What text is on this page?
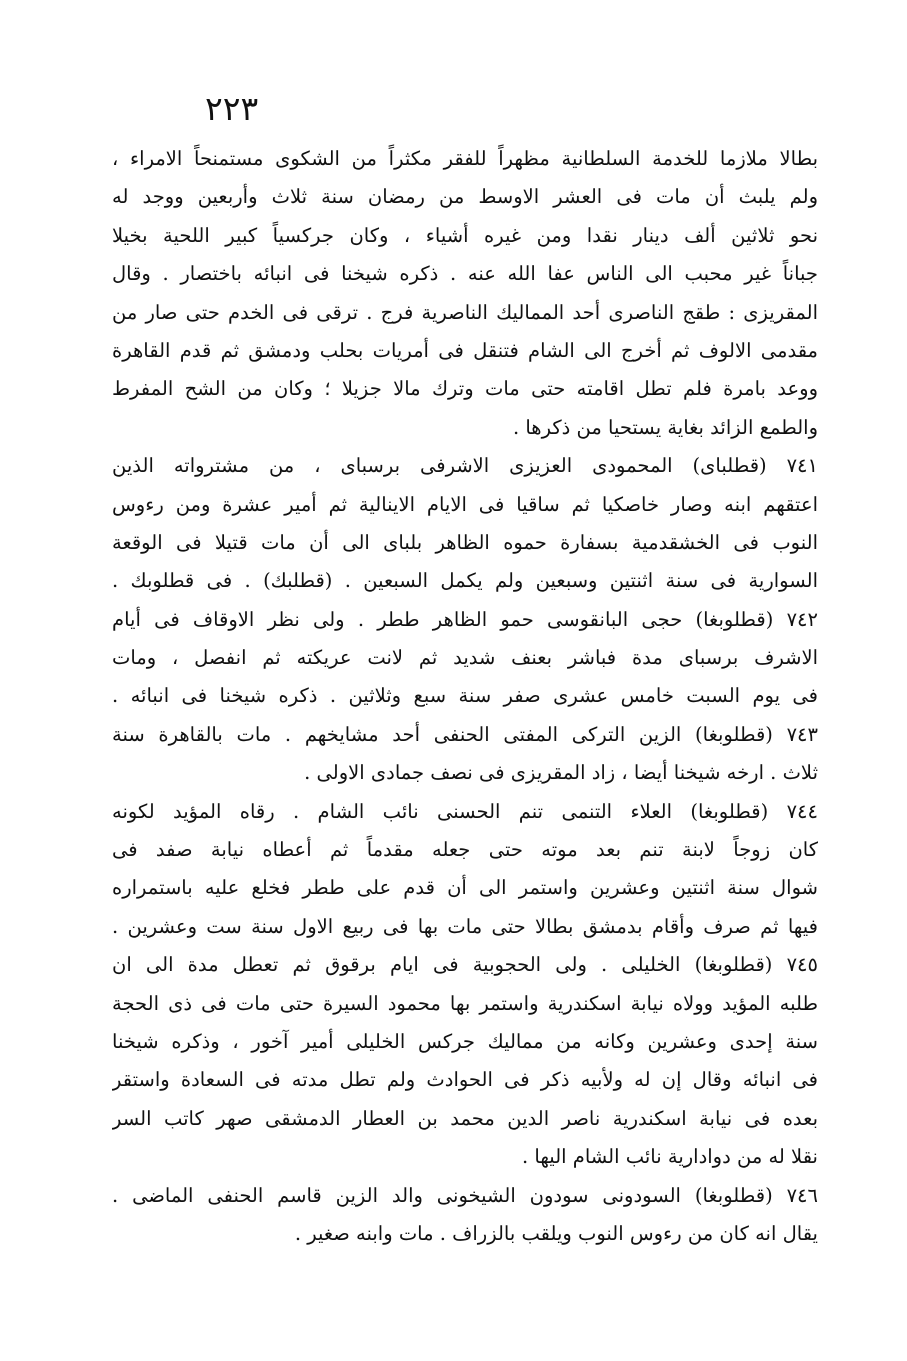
٢٢٣
بطالا ملازما للخدمة السلطانية مظهراً للفقر مكثراً من الشكوى مستمنحاً الامراء ،
ولم يلبث أن مات فى العشر الاوسط من رمضان سنة ثلاث وأربعين ووجد له
نحو ثلاثين ألف دينار نقدا ومن غيره أشياء ، وكان جركسياً كبير اللحية بخيلا
جباناً غير محبب الى الناس عفا الله عنه . ذكره شيخنا فى انبائه باختصار . وقال
المقريزى : طقج الناصرى أحد المماليك الناصرية فرج . ترقى فى الخدم حتى صار من
مقدمى الالوف ثم أخرج الى الشام فتنقل فى أمريات بحلب ودمشق ثم قدم القاهرة
ووعد بامرة فلم تطل اقامته حتى مات وترك مالا جزيلا ؛ وكان من الشح المفرط
والطمع الزائد بغاية يستحيا من ذكرها .
٧٤١ (قطلباى) المحمودى العزيزى الاشرفى برسباى ، من مشترواته الذين
اعتقهم ابنه وصار خاصكيا ثم ساقيا فى الايام الاينالية ثم أمير عشرة ومن رءوس
النوب فى الخشقدمية بسفارة حموه الظاهر بلباى الى أن مات قتيلا فى الوقعة
السوارية فى سنة اثنتين وسبعين ولم يكمل السبعين . (قطلبك) . فى قطلوبك .
٧٤٢ (قطلوبغا) حجى البانقوسى حمو الظاهر ططر . ولى نظر الاوقاف فى أيام
الاشرف برسباى مدة فباشر بعنف شديد ثم لانت عريكته ثم انفصل ، ومات
فى يوم السبت خامس عشرى صفر سنة سبع وثلاثين . ذكره شيخنا فى انبائه .
٧٤٣ (قطلوبغا) الزين التركى المفتى الحنفى أحد مشايخهم . مات بالقاهرة سنة
ثلاث . ارخه شيخنا أيضا ، زاد المقريزى فى نصف جمادى الاولى .
٧٤٤ (قطلوبغا) العلاء التنمى تنم الحسنى نائب الشام . رقاه المؤيد لكونه
كان زوجاً لابنة تنم بعد موته حتى جعله مقدماً ثم أعطاه نيابة صفد فى
شوال سنة اثنتين وعشرين واستمر الى أن قدم على ططر فخلع عليه باستمراره
فيها ثم صرف وأقام بدمشق بطالا حتى مات بها فى ربيع الاول سنة ست وعشرين .
٧٤٥ (قطلوبغا) الخليلى . ولى الحجوبية فى ايام برقوق ثم تعطل مدة الى ان
طلبه المؤيد وولاه نيابة اسكندرية واستمر بها محمود السيرة حتى مات فى ذى الحجة
سنة إحدى وعشرين وكانه من مماليك جركس الخليلى أمير آخور ، وذكره شيخنا
فى انبائه وقال إن له ولأبيه ذكر فى الحوادث ولم تطل مدته فى السعادة واستقر
بعده فى نيابة اسكندرية ناصر الدين محمد بن العطار الدمشقى صهر كاتب السر
نقلا له من دوادارية نائب الشام اليها .
٧٤٦ (قطلوبغا) السودونى سودون الشيخونى والد الزين قاسم الحنفى الماضى .
يقال انه كان من رءوس النوب ويلقب بالزراف . مات وابنه صغير .
